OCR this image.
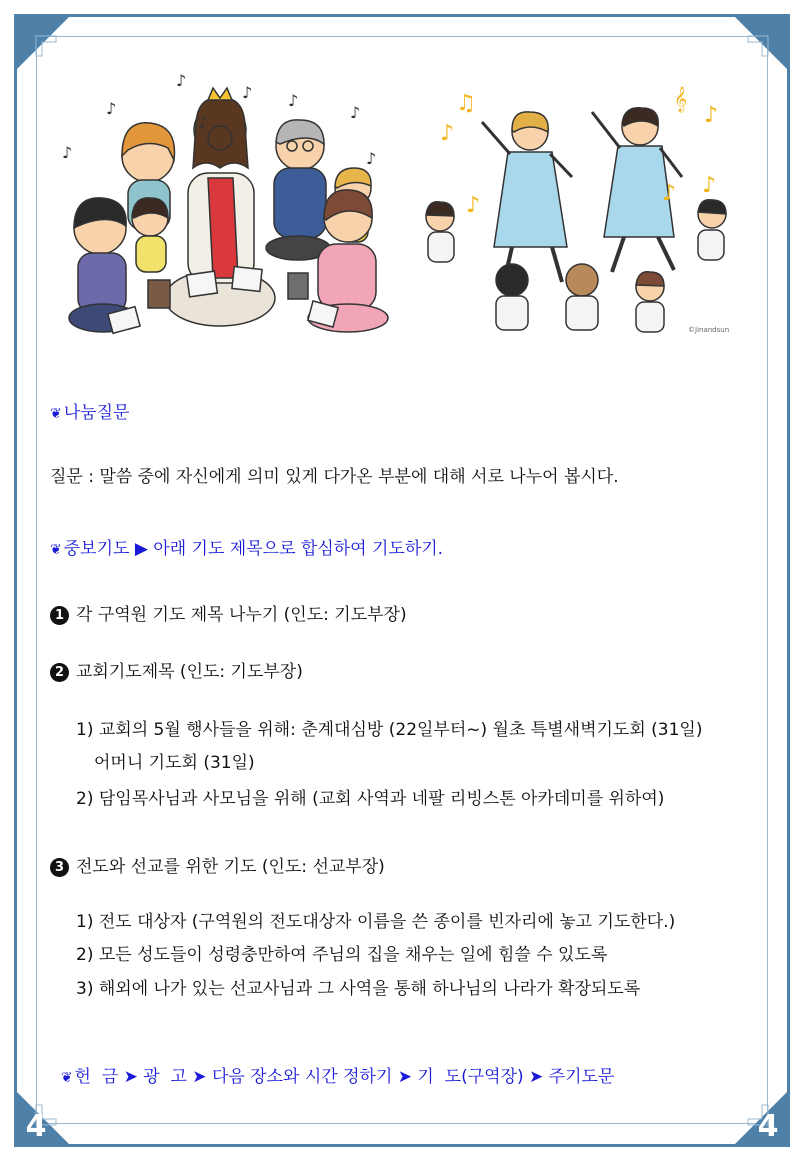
4	4
♪
♪ ♪
♪
♪	♪
♪
♪
♫
♪
𝄞
♪
♪
♪
♪
©Jinandsun
❦ 나눔질문
질문 : 말씀 중에 자신에게 의미 있게 다가온 부분에 대해 서로 나누어 봅시다.
❦ 중보기도 ▶ 아래 기도 제목으로 합심하여 기도하기.
1 각 구역원 기도 제목 나누기 (인도: 기도부장)
2 교회기도제목 (인도: 기도부장)
1) 교회의 5월 행사들을 위해: 춘계대심방 (22일부터~) 월초 특별새벽기도회 (31일)
어머니 기도회 (31일)
2) 담임목사님과 사모님을 위해 (교회 사역과 네팔 리빙스톤 아카데미를 위하여)
3 전도와 선교를 위한 기도 (인도: 선교부장)
1) 전도 대상자 (구역원의 전도대상자 이름을 쓴 종이를 빈자리에 놓고 기도한다.)
2) 모든 성도들이 성령충만하여 주님의 집을 채우는 일에 힘쓸 수 있도록
3) 해외에 나가 있는 선교사님과 그 사역을 통해 하나님의 나라가 확장되도록

❦ 헌  금 ➤ 광  고 ➤ 다음 장소와 시간 정하기 ➤ 기  도(구역장) ➤ 주기도문
